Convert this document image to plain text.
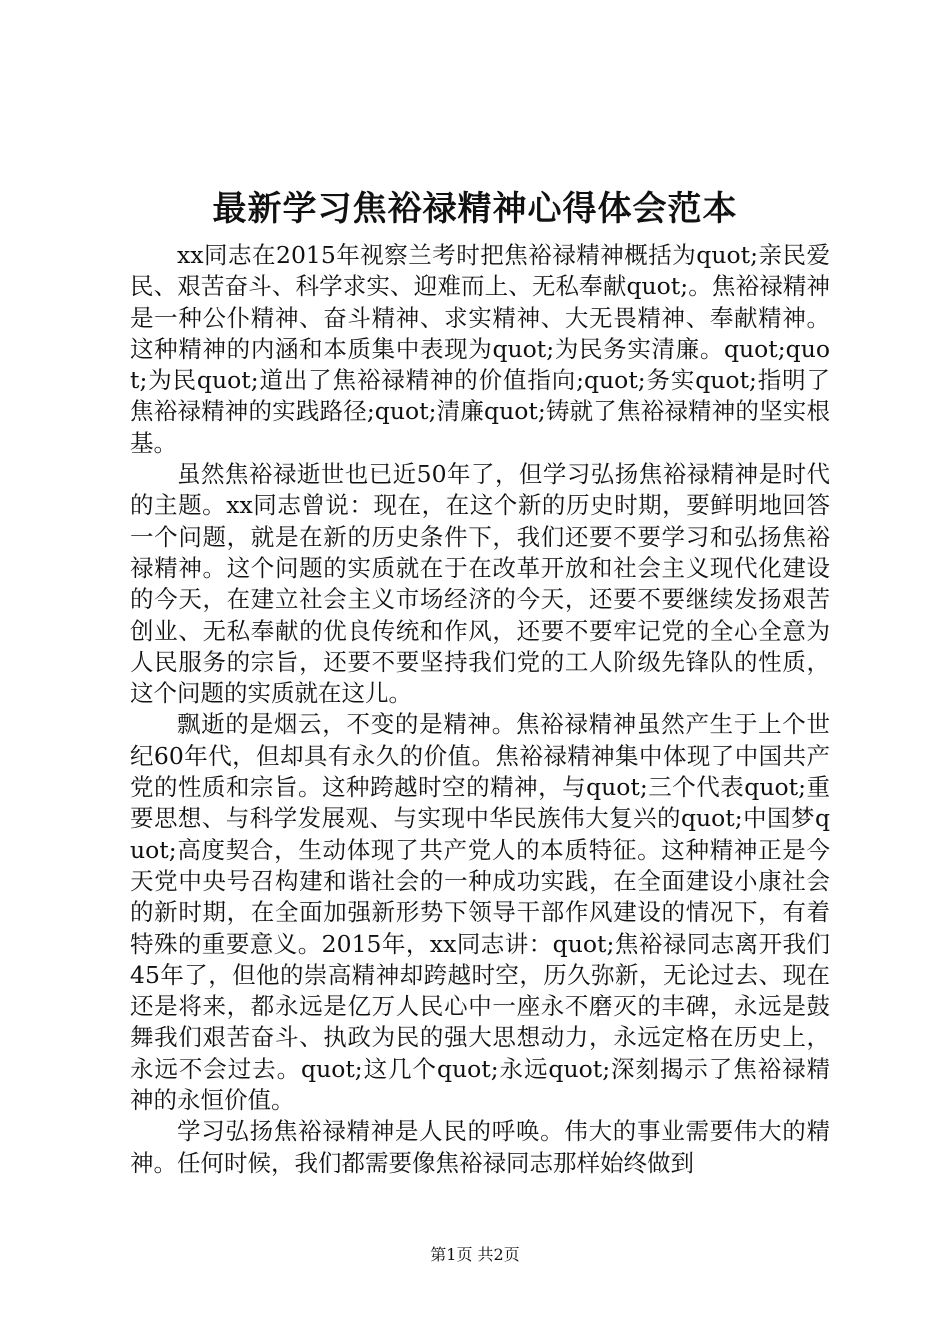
最新学习焦裕禄精神心得体会范本

xx同志在2015年视察兰考时把焦裕禄精神概括为quot;亲民爱民、艰苦奋斗、科学求实、迎难而上、无私奉献quot;。焦裕禄精神是一种公仆精神、奋斗精神、求实精神、大无畏精神、奉献精神。这种精神的内涵和本质集中表现为quot;为民务实清廉。quot;quot;为民quot;道出了焦裕禄精神的价值指向;quot;务实quot;指明了焦裕禄精神的实践路径;quot;清廉quot;铸就了焦裕禄精神的坚实根基。

虽然焦裕禄逝世也已近50年了，但学习弘扬焦裕禄精神是时代的主题。xx同志曾说：现在，在这个新的历史时期，要鲜明地回答一个问题，就是在新的历史条件下，我们还要不要学习和弘扬焦裕禄精神。这个问题的实质就在于在改革开放和社会主义现代化建设的今天，在建立社会主义市场经济的今天，还要不要继续发扬艰苦创业、无私奉献的优良传统和作风，还要不要牢记党的全心全意为人民服务的宗旨，还要不要坚持我们党的工人阶级先锋队的性质，这个问题的实质就在这儿。

飘逝的是烟云，不变的是精神。焦裕禄精神虽然产生于上个世纪60年代，但却具有永久的价值。焦裕禄精神集中体现了中国共产党的性质和宗旨。这种跨越时空的精神，与quot;三个代表quot;重要思想、与科学发展观、与实现中华民族伟大复兴的quot;中国梦quot;高度契合，生动体现了共产党人的本质特征。这种精神正是今天党中央号召构建和谐社会的一种成功实践，在全面建设小康社会的新时期，在全面加强新形势下领导干部作风建设的情况下，有着特殊的重要意义。2015年，xx同志讲：quot;焦裕禄同志离开我们45年了，但他的崇高精神却跨越时空，历久弥新，无论过去、现在还是将来，都永远是亿万人民心中一座永不磨灭的丰碑，永远是鼓舞我们艰苦奋斗、执政为民的强大思想动力，永远定格在历史上，永远不会过去。quot;这几个quot;永远quot;深刻揭示了焦裕禄精神的永恒价值。

学习弘扬焦裕禄精神是人民的呼唤。伟大的事业需要伟大的精神。任何时候，我们都需要像焦裕禄同志那样始终做到

第1页 共2页
